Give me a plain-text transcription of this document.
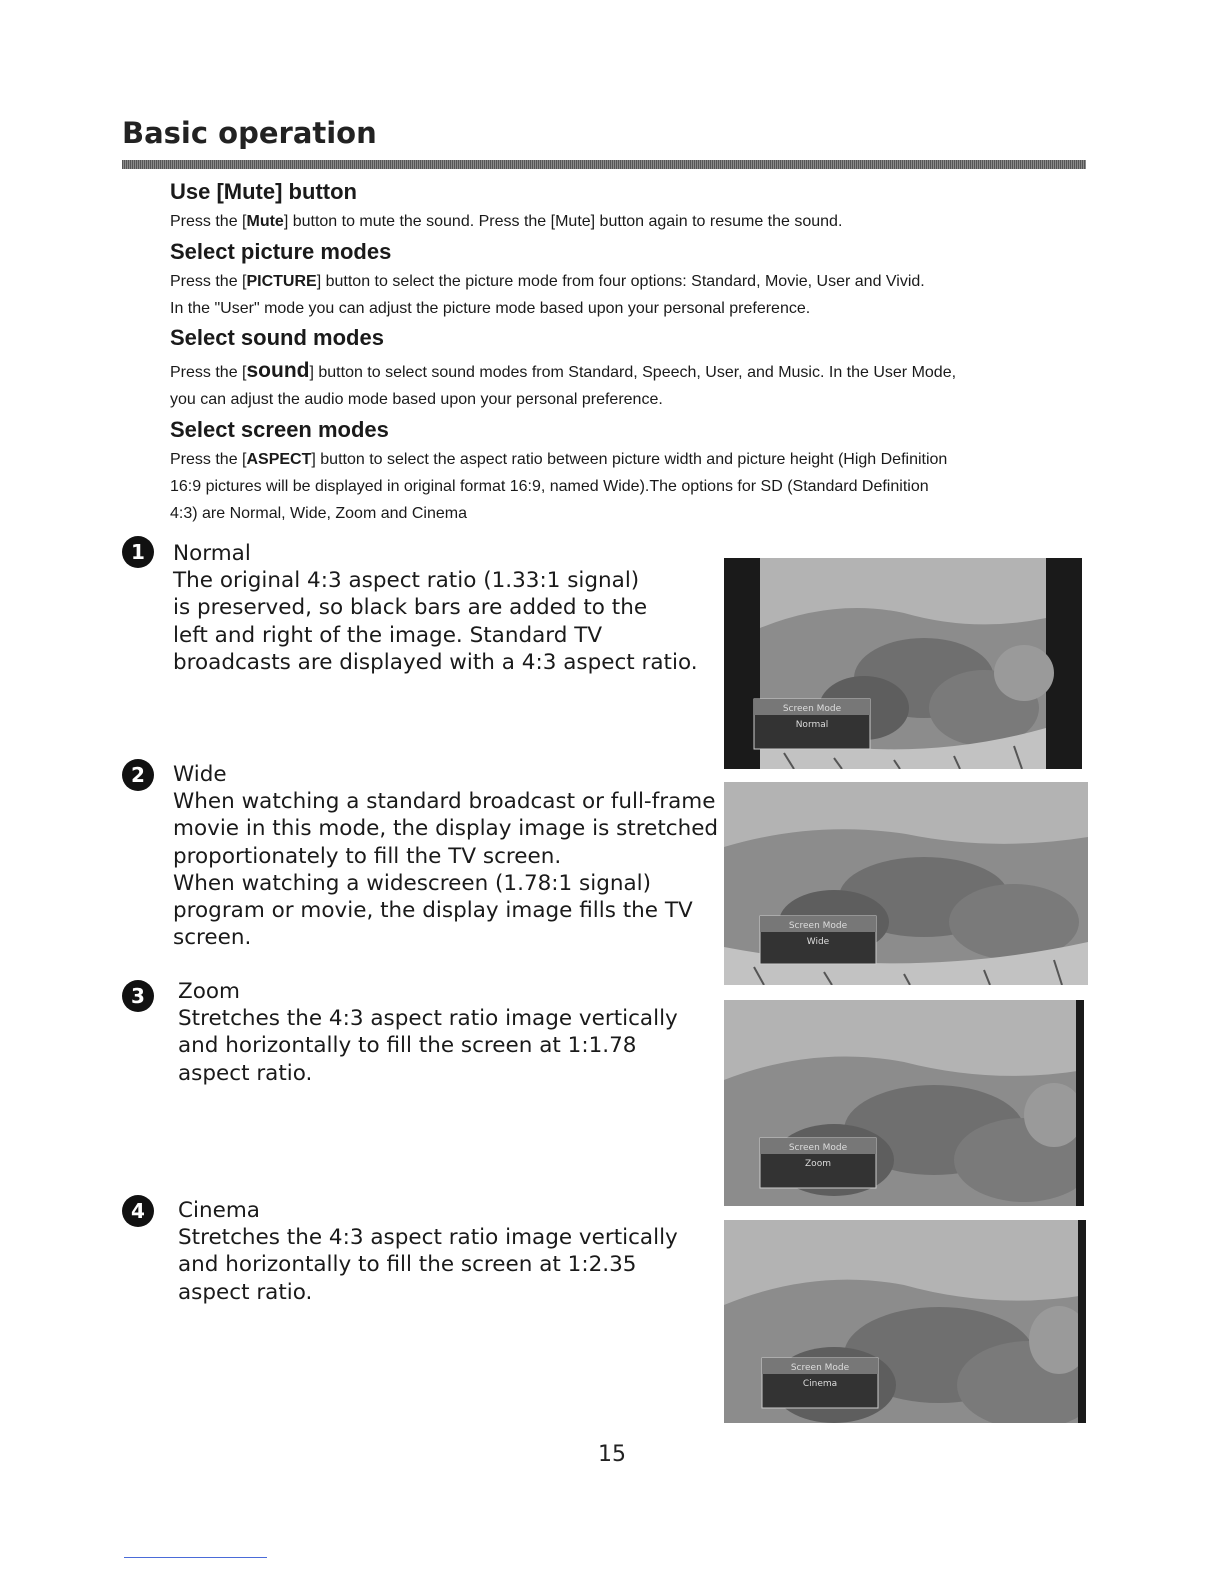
Basic operation
Use [Mute] button
Press the [Mute] button to mute the sound. Press the [Mute] button again to resume the sound.
Select picture modes
Press the [PICTURE] button to select the picture mode from four options: Standard, Movie, User and Vivid.
In the "User" mode you can adjust the picture mode based upon your personal preference.
Select sound modes
Press the [sound] button to select sound modes from Standard, Speech, User, and Music. In the User Mode,
you can adjust the audio mode based upon your personal preference.
Select screen modes
Press the [ASPECT] button to select the aspect ratio between picture width and picture height (High Definition
16:9 pictures will be displayed in original format 16:9, named Wide).The options for SD (Standard Definition
4:3) are Normal, Wide, Zoom and Cinema
1	Normal
The original 4:3 aspect ratio (1.33:1 signal)
is preserved, so black bars are added to the
left and right of the image. Standard TV
broadcasts are displayed with a 4:3 aspect ratio.
Screen Mode
Normal
2	Wide
When watching a standard broadcast or full-frame
movie in this mode, the display image is stretched
proportionately to fill the TV screen.
When watching a widescreen (1.78:1 signal)
program or movie, the display image fills the TV
screen.	Screen Mode
Wide
3	Zoom
Stretches the 4:3 aspect ratio image vertically
and horizontally to fill the screen at 1:1.78
aspect ratio.
Screen Mode
Zoom
4	Cinema
Stretches the 4:3 aspect ratio image vertically
and horizontally to fill the screen at 1:2.35
aspect ratio.
Screen Mode
Cinema
15
